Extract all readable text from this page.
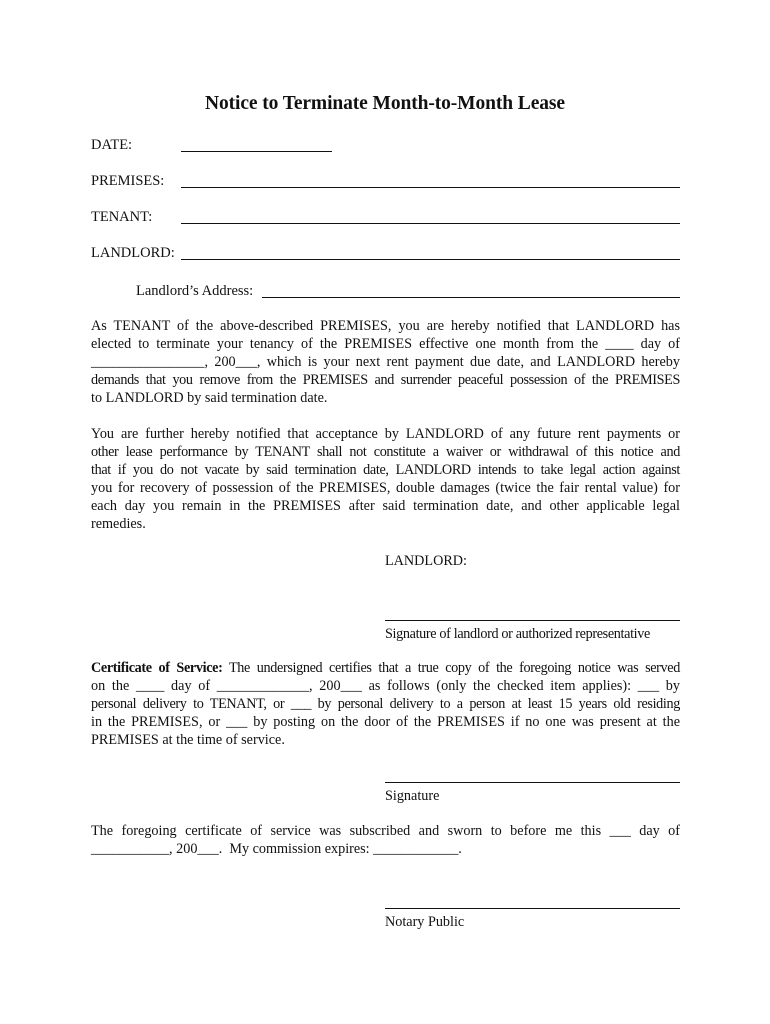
Notice to Terminate Month-to-Month Lease
DATE:
PREMISES:
TENANT:
LANDLORD:
Landlord’s Address:
As TENANT of the above-described PREMISES, you are hereby notified that LANDLORD has
elected to terminate your tenancy of the PREMISES effective one month from the ____ day of
________________, 200___, which is your next rent payment due date, and LANDLORD hereby
demands that you remove from the PREMISES and surrender peaceful possession of the PREMISES
to LANDLORD by said termination date.
You are further hereby notified that acceptance by LANDLORD of any future rent payments or
other lease performance by TENANT shall not constitute a waiver or withdrawal of this notice and
that if you do not vacate by said termination date, LANDLORD intends to take legal action against
you for recovery of possession of the PREMISES, double damages (twice the fair rental value) for
each day you remain in the PREMISES after said termination date, and other applicable legal
remedies.
LANDLORD:
Signature of landlord or authorized representative
Certificate of Service: The undersigned certifies that a true copy of the foregoing notice was served
on the ____ day of _____________, 200___ as follows (only the checked item applies): ___ by
personal delivery to TENANT, or ___ by personal delivery to a person at least 15 years old residing
in the PREMISES, or ___ by posting on the door of the PREMISES if no one was present at the
PREMISES at the time of service.
Signature
The foregoing certificate of service was subscribed and sworn to before me this ___ day of
___________, 200___.  My commission expires: ____________.
Notary Public
